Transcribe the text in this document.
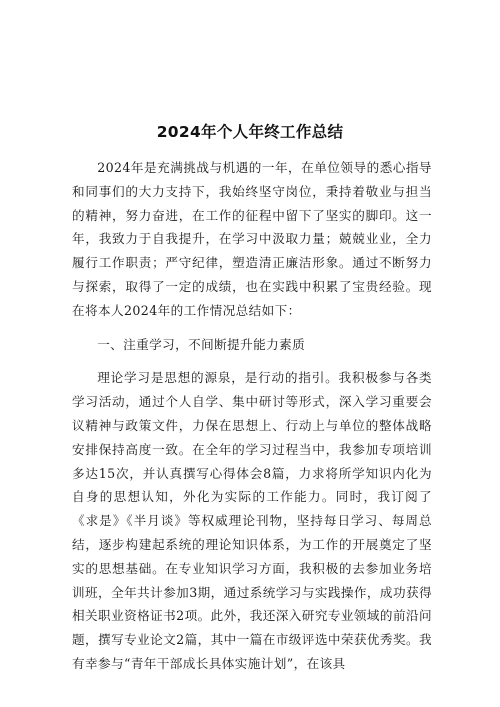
2024年个人年终工作总结

2024年是充满挑战与机遇的一年，在单位领导的悉心指导和同事们的大力支持下，我始终坚守岗位，秉持着敬业与担当的精神，努力奋进，在工作的征程中留下了坚实的脚印。这一年，我致力于自我提升，在学习中汲取力量；兢兢业业，全力履行工作职责；严守纪律，塑造清正廉洁形象。通过不断努力与探索，取得了一定的成绩，也在实践中积累了宝贵经验。现在将本人2024年的工作情况总结如下：

一、注重学习，不间断提升能力素质

理论学习是思想的源泉，是行动的指引。我积极参与各类学习活动，通过个人自学、集中研讨等形式，深入学习重要会议精神与政策文件，力保在思想上、行动上与单位的整体战略安排保持高度一致。在全年的学习过程当中，我参加专项培训多达15次，并认真撰写心得体会8篇，力求将所学知识内化为自身的思想认知，外化为实际的工作能力。同时，我订阅了《求是》《半月谈》等权威理论刊物，坚持每日学习、每周总结，逐步构建起系统的理论知识体系，为工作的开展奠定了坚实的思想基础。在专业知识学习方面，我积极的去参加业务培训班，全年共计参加3期，通过系统学习与实践操作，成功获得相关职业资格证书2项。此外，我还深入研究专业领域的前沿问题，撰写专业论文2篇，其中一篇在市级评选中荣获优秀奖。我有幸参与“青年干部成长具体实施计划”，在该具
